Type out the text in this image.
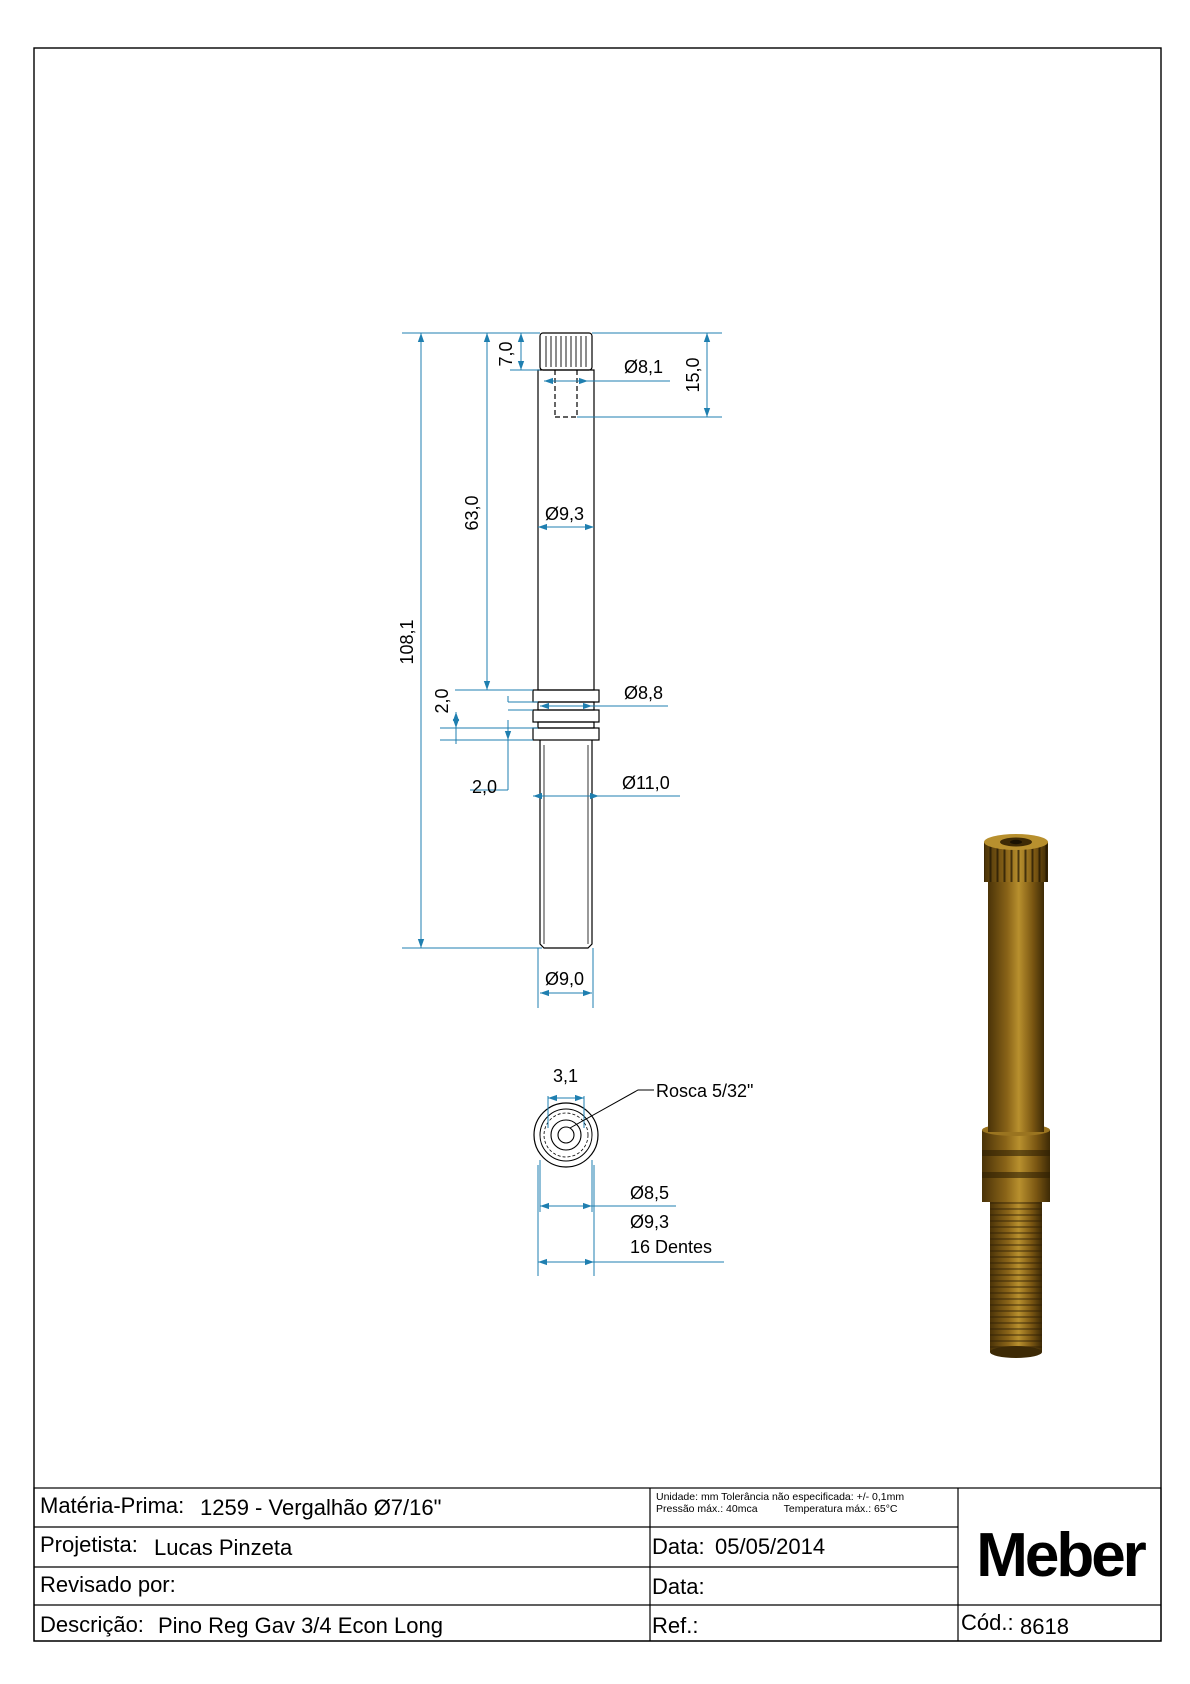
108,1
63,0
7,0
15,0
2,0
2,0
Ø8,1
Ø9,3
Ø8,8
Ø11,0
Ø9,0
3,1
Rosca 5/32"
Ø8,5
Ø9,3
16 Dentes
Matéria-Prima: 1259 - Vergalhão Ø7/16"	Unidade: mm Tolerância não especificada: +/- 0,1mm
Pressão máx.: 40mca         Temperatura máx.: 65°C
Projetista: Lucas Pinzeta	Data: 05/05/2014
Revisado por:	Data:
Descrição: Pino Reg Gav 3/4 Econ Long	Ref.:	Cód.: 8618
Meber
